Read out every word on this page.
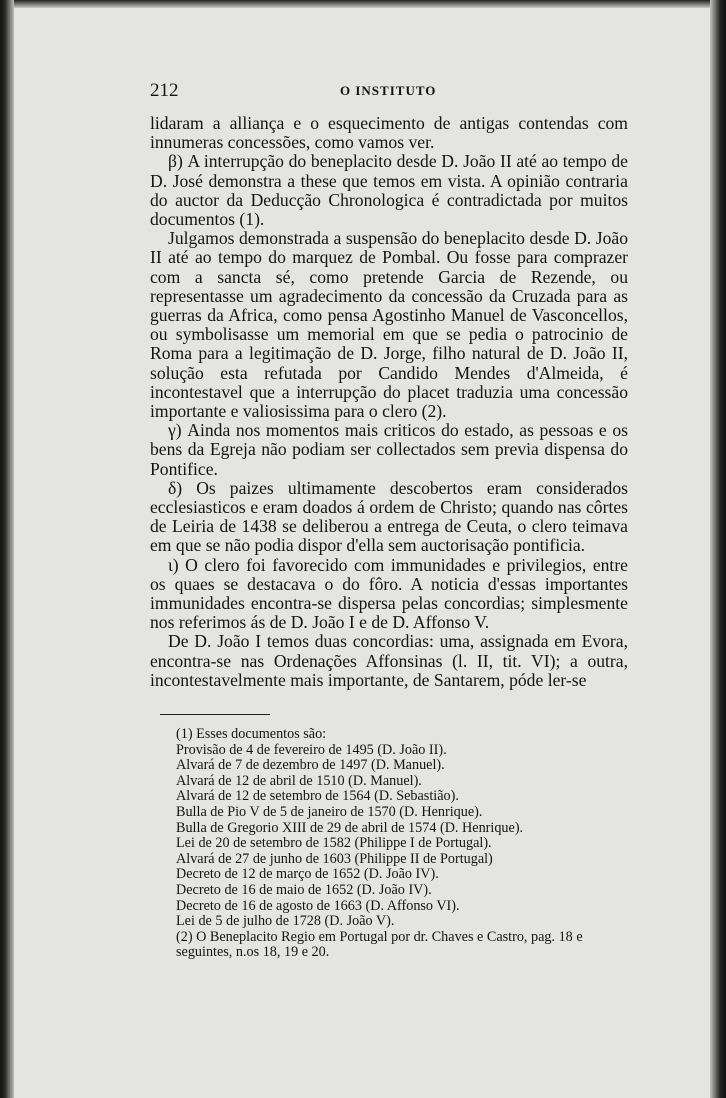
212	O INSTITUTO

lidaram a alliança e o esquecimento de antigas contendas com innumeras concessões, como vamos ver.

β) A interrupção do beneplacito desde D. João II até ao tempo de D. José demonstra a these que temos em vista. A opinião contraria do auctor da Deducção Chronologica é contradictada por muitos documentos (1).

Julgamos demonstrada a suspensão do beneplacito desde D. João II até ao tempo do marquez de Pombal. Ou fosse para comprazer com a sancta sé, como pretende Garcia de Rezende, ou representasse um agradecimento da concessão da Cruzada para as guerras da Africa, como pensa Agostinho Manuel de Vasconcellos, ou symbolisasse um memorial em que se pedia o patrocinio de Roma para a legitimação de D. Jorge, filho natural de D. João II, solução esta refutada por Candido Mendes d'Almeida, é incontestavel que a interrupção do placet traduzia uma concessão importante e valiosissima para o clero (2).

γ) Ainda nos momentos mais criticos do estado, as pessoas e os bens da Egreja não podiam ser collectados sem previa dispensa do Pontifice.

δ) Os paizes ultimamente descobertos eram considerados ecclesiasticos e eram doados á ordem de Christo; quando nas côrtes de Leiria de 1438 se deliberou a entrega de Ceuta, o clero teimava em que se não podia dispor d'ella sem auctorisação pontificia.

ι) O clero foi favorecido com immunidades e privilegios, entre os quaes se destacava o do fôro. A noticia d'essas importantes immunidades encontra-se dispersa pelas concordias; simplesmente nos referimos ás de D. João I e de D. Affonso V.

De D. João I temos duas concordias: uma, assignada em Evora, encontra-se nas Ordenações Affonsinas (l. II, tit. VI); a outra, incontestavelmente mais importante, de Santarem, póde ler-se

(1) Esses documentos são:

Provisão de 4 de fevereiro de 1495 (D. João II).

Alvará de 7 de dezembro de 1497 (D. Manuel).

Alvará de 12 de abril de 1510 (D. Manuel).

Alvará de 12 de setembro de 1564 (D. Sebastião).

Bulla de Pio V de 5 de janeiro de 1570 (D. Henrique).

Bulla de Gregorio XIII de 29 de abril de 1574 (D. Henrique).

Lei de 20 de setembro de 1582 (Philippe I de Portugal).

Alvará de 27 de junho de 1603 (Philippe II de Portugal)

Decreto de 12 de março de 1652 (D. João IV).

Decreto de 16 de maio de 1652 (D. João IV).

Decreto de 16 de agosto de 1663 (D. Affonso VI).

Lei de 5 de julho de 1728 (D. João V).

(2) O Beneplacito Regio em Portugal por dr. Chaves e Castro, pag. 18 e seguintes, n.os 18, 19 e 20.
